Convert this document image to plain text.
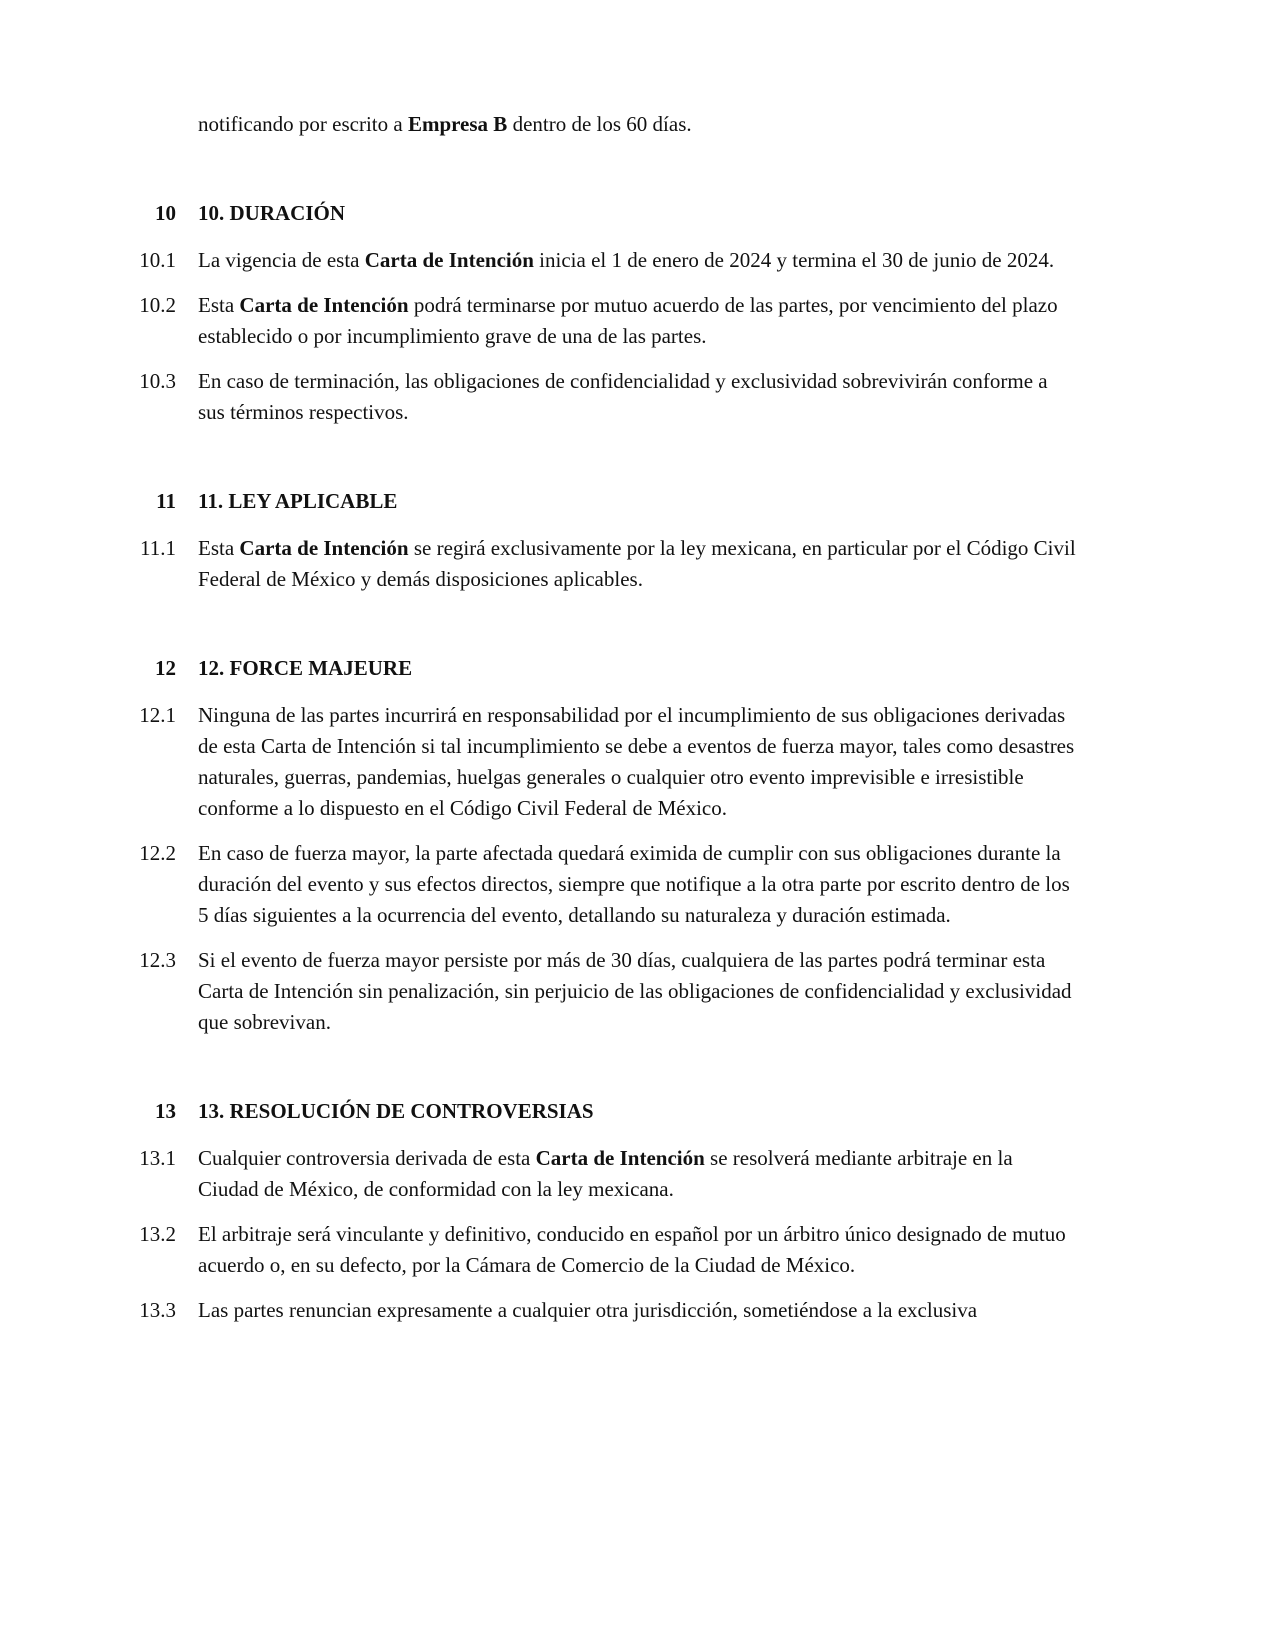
notificando por escrito a Empresa B dentro de los 60 días.
10 10. DURACIÓN
10.1 La vigencia de esta Carta de Intención inicia el 1 de enero de 2024 y termina el 30 de junio de 2024.
10.2 Esta Carta de Intención podrá terminarse por mutuo acuerdo de las partes, por vencimiento del plazo establecido o por incumplimiento grave de una de las partes.
10.3 En caso de terminación, las obligaciones de confidencialidad y exclusividad sobrevivirán conforme a sus términos respectivos.
11 11. LEY APLICABLE
11.1 Esta Carta de Intención se regirá exclusivamente por la ley mexicana, en particular por el Código Civil Federal de México y demás disposiciones aplicables.
12 12. FORCE MAJEURE
12.1 Ninguna de las partes incurrirá en responsabilidad por el incumplimiento de sus obligaciones derivadas de esta Carta de Intención si tal incumplimiento se debe a eventos de fuerza mayor, tales como desastres naturales, guerras, pandemias, huelgas generales o cualquier otro evento imprevisible e irresistible conforme a lo dispuesto en el Código Civil Federal de México.
12.2 En caso de fuerza mayor, la parte afectada quedará eximida de cumplir con sus obligaciones durante la duración del evento y sus efectos directos, siempre que notifique a la otra parte por escrito dentro de los 5 días siguientes a la ocurrencia del evento, detallando su naturaleza y duración estimada.
12.3 Si el evento de fuerza mayor persiste por más de 30 días, cualquiera de las partes podrá terminar esta Carta de Intención sin penalización, sin perjuicio de las obligaciones de confidencialidad y exclusividad que sobrevivan.
13 13. RESOLUCIÓN DE CONTROVERSIAS
13.1 Cualquier controversia derivada de esta Carta de Intención se resolverá mediante arbitraje en la Ciudad de México, de conformidad con la ley mexicana.
13.2 El arbitraje será vinculante y definitivo, conducido en español por un árbitro único designado de mutuo acuerdo o, en su defecto, por la Cámara de Comercio de la Ciudad de México.
13.3 Las partes renuncian expresamente a cualquier otra jurisdicción, sometiéndose a la exclusiva
